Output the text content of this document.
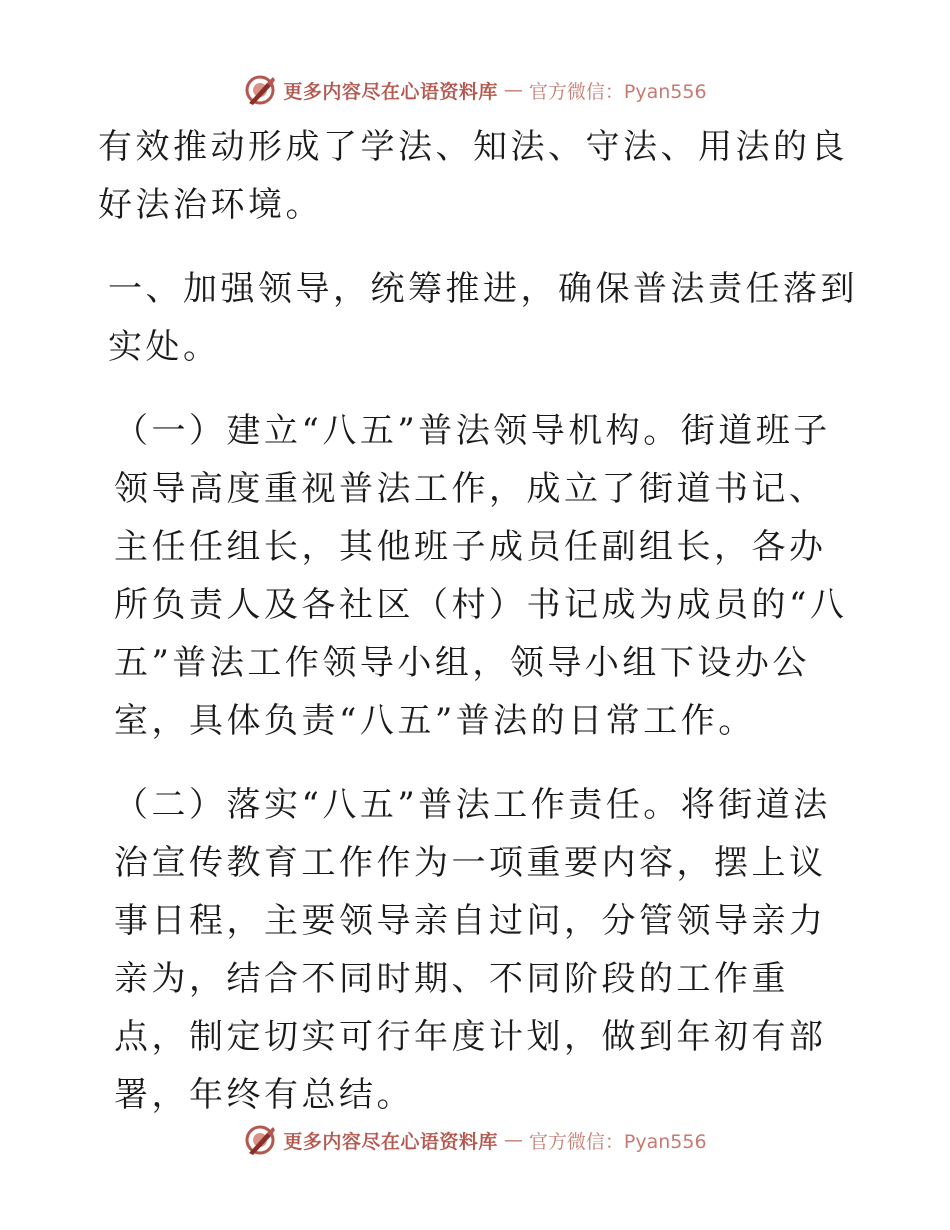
更多内容尽在心语资料库 — 官方微信：Pyan556

有效推动形成了学法、知法、守法、用法的良好法治环境。

一、加强领导，统筹推进，确保普法责任落到实处。

（一）建立“八五”普法领导机构。街道班子领导高度重视普法工作，成立了街道书记、主任任组长，其他班子成员任副组长，各办所负责人及各社区（村）书记成为成员的“八五”普法工作领导小组，领导小组下设办公室，具体负责“八五”普法的日常工作。

（二）落实“八五”普法工作责任。将街道法治宣传教育工作作为一项重要内容，摆上议事日程，主要领导亲自过问，分管领导亲力亲为，结合不同时期、不同阶段的工作重点，制定切实可行年度计划，做到年初有部署，年终有总结。

更多内容尽在心语资料库 — 官方微信：Pyan556
